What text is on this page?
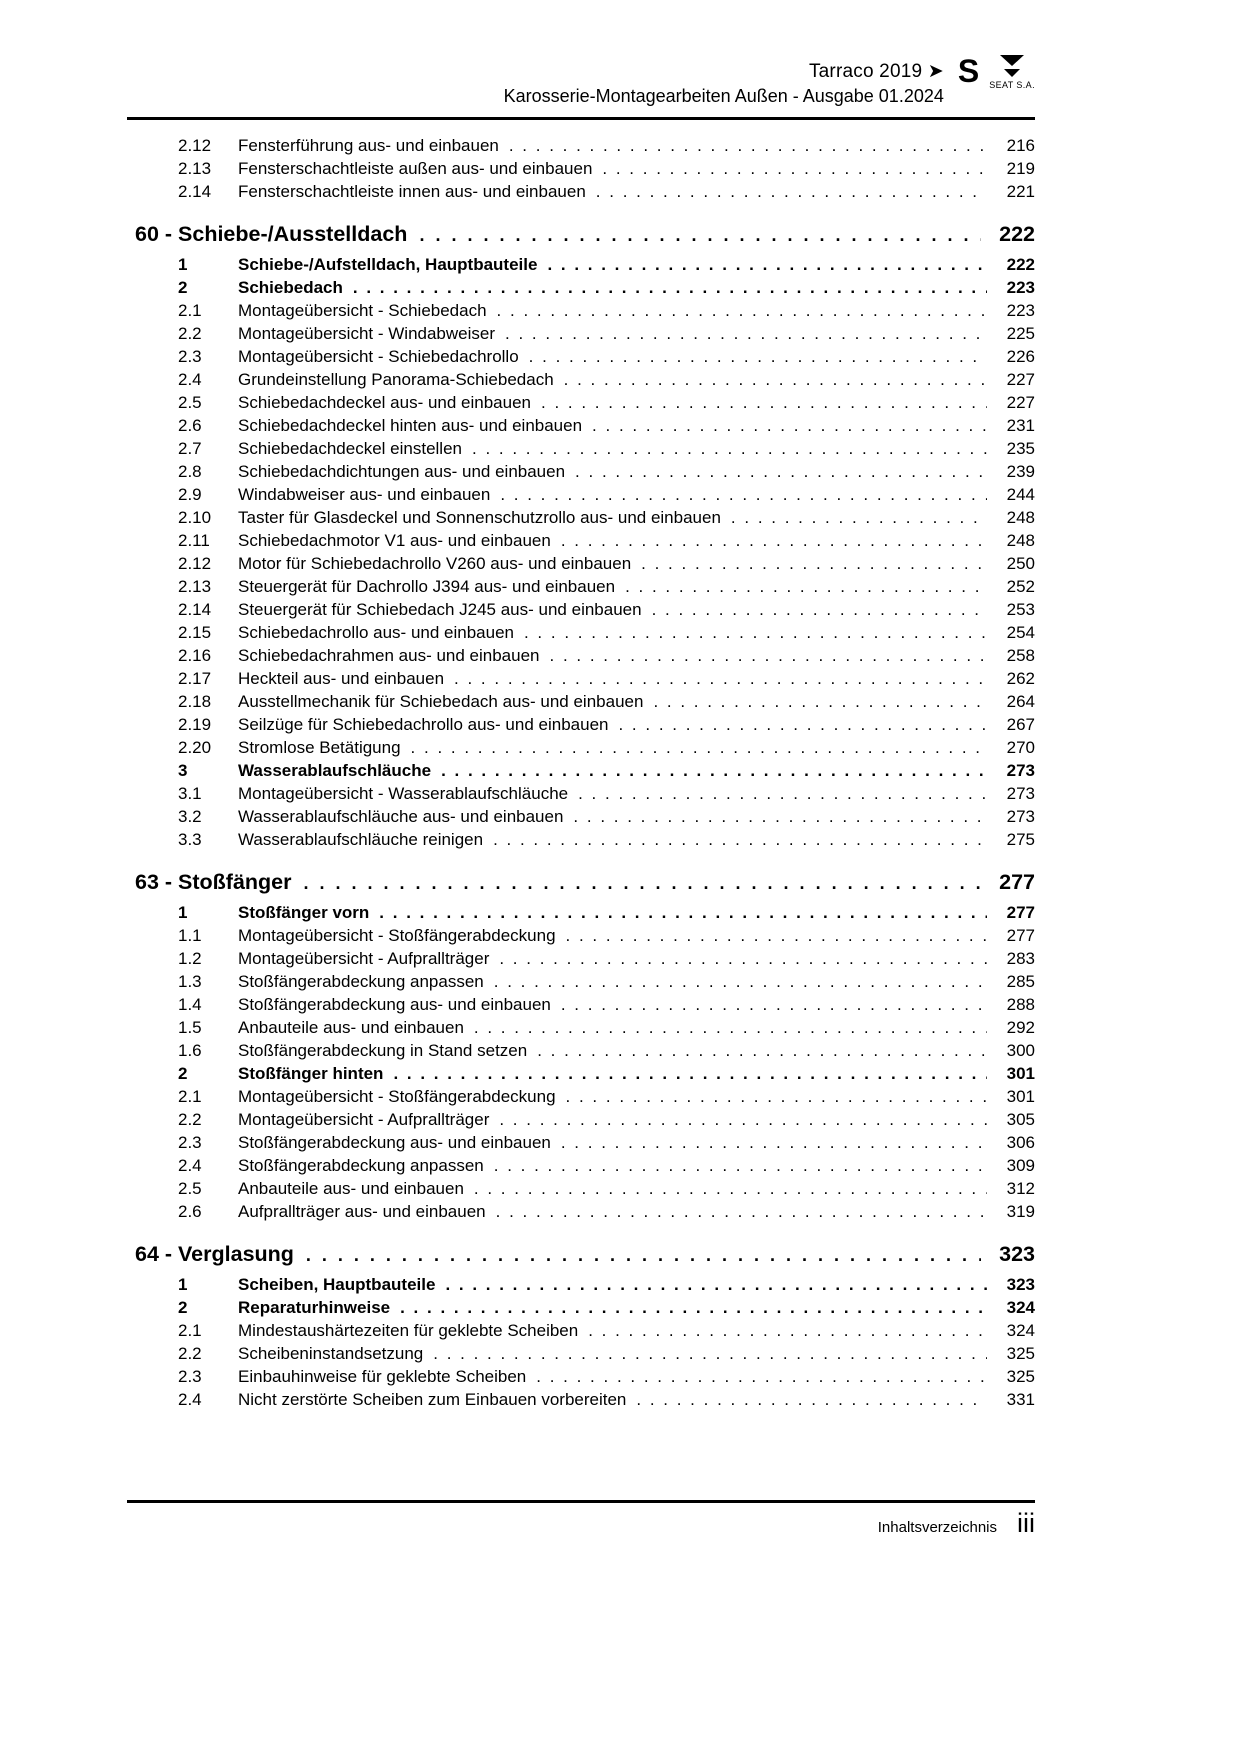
Tarraco 2019 ➤
Karosserie-Montagearbeiten Außen - Ausgabe 01.2024
S SEAT S.A.
2.12	Fensterführung aus- und einbauen . . .	216
2.13	Fensterschachtleiste außen aus- und einbauen . . .	219
2.14	Fensterschachtleiste innen aus- und einbauen . . .	221
60 - Schiebe-/Ausstelldach . . .	222
1	Schiebe-/Aufstelldach, Hauptbauteile . . .	222
2	Schiebedach . . .	223
2.1	Montageübersicht - Schiebedach . . .	223
2.2	Montageübersicht - Windabweiser . . .	225
2.3	Montageübersicht - Schiebedachrollo . . .	226
2.4	Grundeinstellung Panorama-Schiebedach . . .	227
2.5	Schiebedachdeckel aus- und einbauen . . .	227
2.6	Schiebedachdeckel hinten aus- und einbauen . . .	231
2.7	Schiebedachdeckel einstellen . . .	235
2.8	Schiebedachdichtungen aus- und einbauen . . .	239
2.9	Windabweiser aus- und einbauen . . .	244
2.10	Taster für Glasdeckel und Sonnenschutzrollo aus- und einbauen . . .	248
2.11	Schiebedachmotor V1 aus- und einbauen . . .	248
2.12	Motor für Schiebedachrollo V260 aus- und einbauen . . .	250
2.13	Steuergerät für Dachrollo J394 aus- und einbauen . . .	252
2.14	Steuergerät für Schiebedach J245 aus- und einbauen . . .	253
2.15	Schiebedachrollo aus- und einbauen . . .	254
2.16	Schiebedachrahmen aus- und einbauen . . .	258
2.17	Heckteil aus- und einbauen . . .	262
2.18	Ausstellmechanik für Schiebedach aus- und einbauen . . .	264
2.19	Seilzüge für Schiebedachrollo aus- und einbauen . . .	267
2.20	Stromlose Betätigung . . .	270
3	Wasserablaufschläuche . . .	273
3.1	Montageübersicht - Wasserablaufschläuche . . .	273
3.2	Wasserablaufschläuche aus- und einbauen . . .	273
3.3	Wasserablaufschläuche reinigen . . .	275
63 - Stoßfänger . . .	277
1	Stoßfänger vorn . . .	277
1.1	Montageübersicht - Stoßfängerabdeckung . . .	277
1.2	Montageübersicht - Aufprallträger . . .	283
1.3	Stoßfängerabdeckung anpassen . . .	285
1.4	Stoßfängerabdeckung aus- und einbauen . . .	288
1.5	Anbauteile aus- und einbauen . . .	292
1.6	Stoßfängerabdeckung in Stand setzen . . .	300
2	Stoßfänger hinten . . .	301
2.1	Montageübersicht - Stoßfängerabdeckung . . .	301
2.2	Montageübersicht - Aufprallträger . . .	305
2.3	Stoßfängerabdeckung aus- und einbauen . . .	306
2.4	Stoßfängerabdeckung anpassen . . .	309
2.5	Anbauteile aus- und einbauen . . .	312
2.6	Aufprallträger aus- und einbauen . . .	319
64 - Verglasung . . .	323
1	Scheiben, Hauptbauteile . . .	323
2	Reparaturhinweise . . .	324
2.1	Mindestaushärtezeiten für geklebte Scheiben . . .	324
2.2	Scheibeninstandsetzung . . .	325
2.3	Einbauhinweise für geklebte Scheiben . . .	325
2.4	Nicht zerstörte Scheiben zum Einbauen vorbereiten . . .	331
Inhaltsverzeichnis iii
